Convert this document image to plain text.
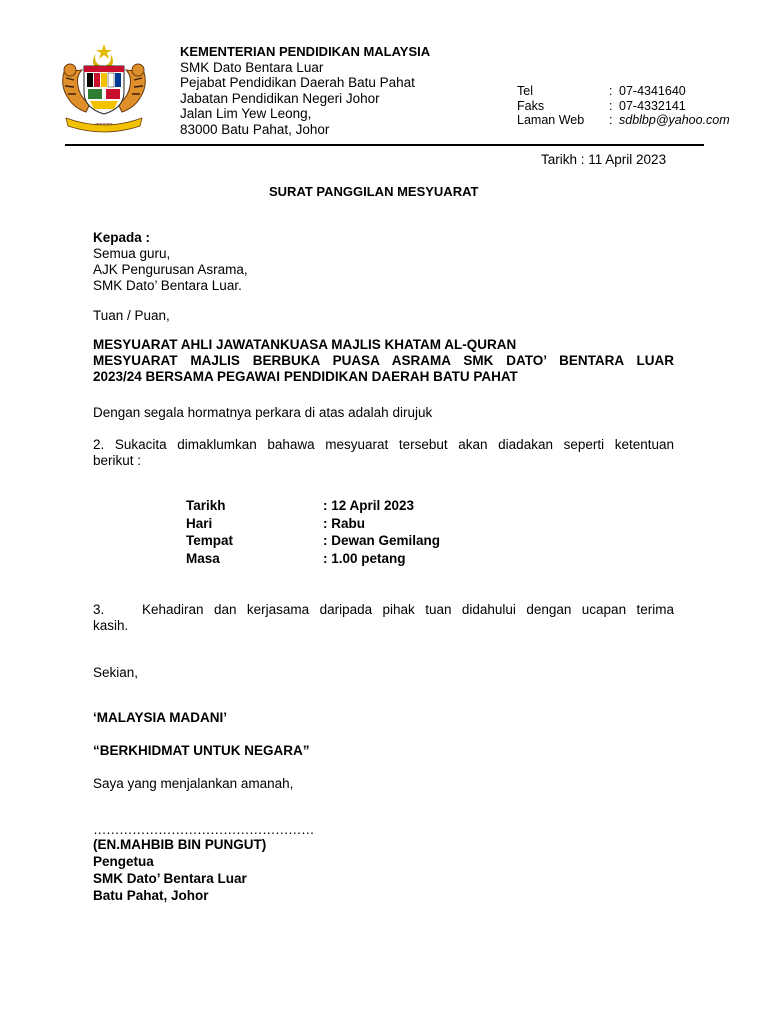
▪▪▪▪▪▪▪▪▪▪▪▪
KEMENTERIAN PENDIDIKAN MALAYSIA
SMK Dato Bentara Luar
Pejabat Pendidikan Daerah Batu Pahat
Jabatan Pendidikan Negeri Johor
Jalan Lim Yew Leong,
83000 Batu Pahat, Johor
Tel	: 07-4341640
Faks	: 07-4332141
Laman Web : sdblbp@yahoo.com
Tarikh : 11 April 2023
SURAT PANGGILAN MESYUARAT
Kepada :
Semua guru,
AJK Pengurusan Asrama,
SMK Dato’ Bentara Luar.
Tuan / Puan,
MESYUARAT AHLI JAWATANKUASA MAJLIS KHATAM AL-QURAN
MESYUARAT MAJLIS BERBUKA PUASA ASRAMA SMK DATO’ BENTARA LUAR
2023/24 BERSAMA PEGAWAI PENDIDIKAN DAERAH BATU PAHAT
Dengan segala hormatnya perkara di atas adalah dirujuk
2. Sukacita dimaklumkan bahawa mesyuarat tersebut akan diadakan seperti ketentuan
berikut :
Tarikh	: 12 April 2023
Hari	: Rabu
Tempat	: Dewan Gemilang
Masa	: 1.00 petang
3.	Kehadiran dan kerjasama daripada pihak tuan didahului dengan ucapan terima
kasih.
Sekian,
‘MALAYSIA MADANI’
“BERKHIDMAT UNTUK NEGARA”
Saya yang menjalankan amanah,
……………………………………………
(EN.MAHBIB BIN PUNGUT)
Pengetua
SMK Dato’ Bentara Luar
Batu Pahat, Johor
